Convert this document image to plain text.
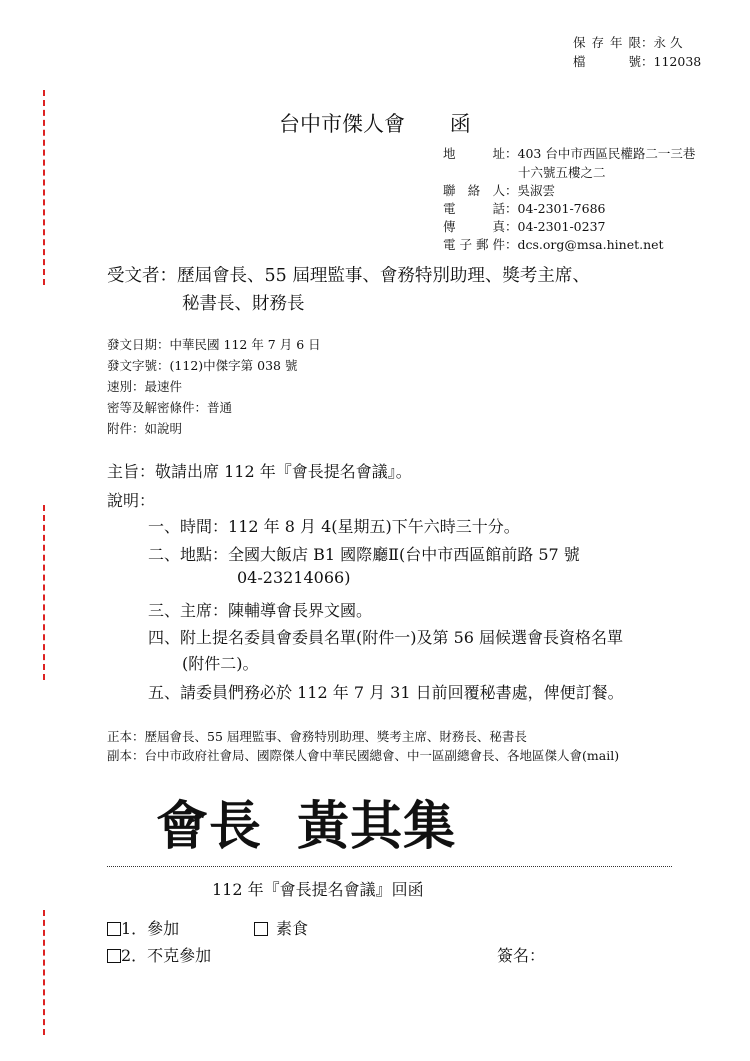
保存年限：永 久
檔 號：112038
台中市傑人會 函
地 址：403 台中市西區民權路二一三巷
十六號五樓之二
聯絡人：吳淑雲
電 話：04-2301-7686
傳 真：04-2301-0237
電子郵件：dcs.org@msa.hinet.net
受文者：歷屆會長、55 屆理監事、會務特別助理、獎考主席、
秘書長、財務長
發文日期：中華民國 112 年 7 月 6 日
發文字號：(112)中傑字第 038 號
速別：最速件
密等及解密條件：普通
附件：如說明
主旨：敬請出席 112 年『會長提名會議』。
說明：
一、時間：112 年 8 月 4(星期五)下午六時三十分。
二、地點：全國大飯店 B1 國際廳Ⅱ(台中市西區館前路 57 號
04-23214066)
三、主席：陳輔導會長界文國。
四、附上提名委員會委員名單(附件一)及第 56 屆候選會長資格名單
(附件二)。
五、請委員們務必於 112 年 7 月 31 日前回覆秘書處，俾便訂餐。
正本：歷屆會長、55 屆理監事、會務特別助理、獎考主席、財務長、秘書長
副本：台中市政府社會局、國際傑人會中華民國總會、中一區副總會長、各地區傑人會(mail)
會長 黃其集
112 年『會長提名會議』回函
1．參加	素食
2．不克參加	簽名：
